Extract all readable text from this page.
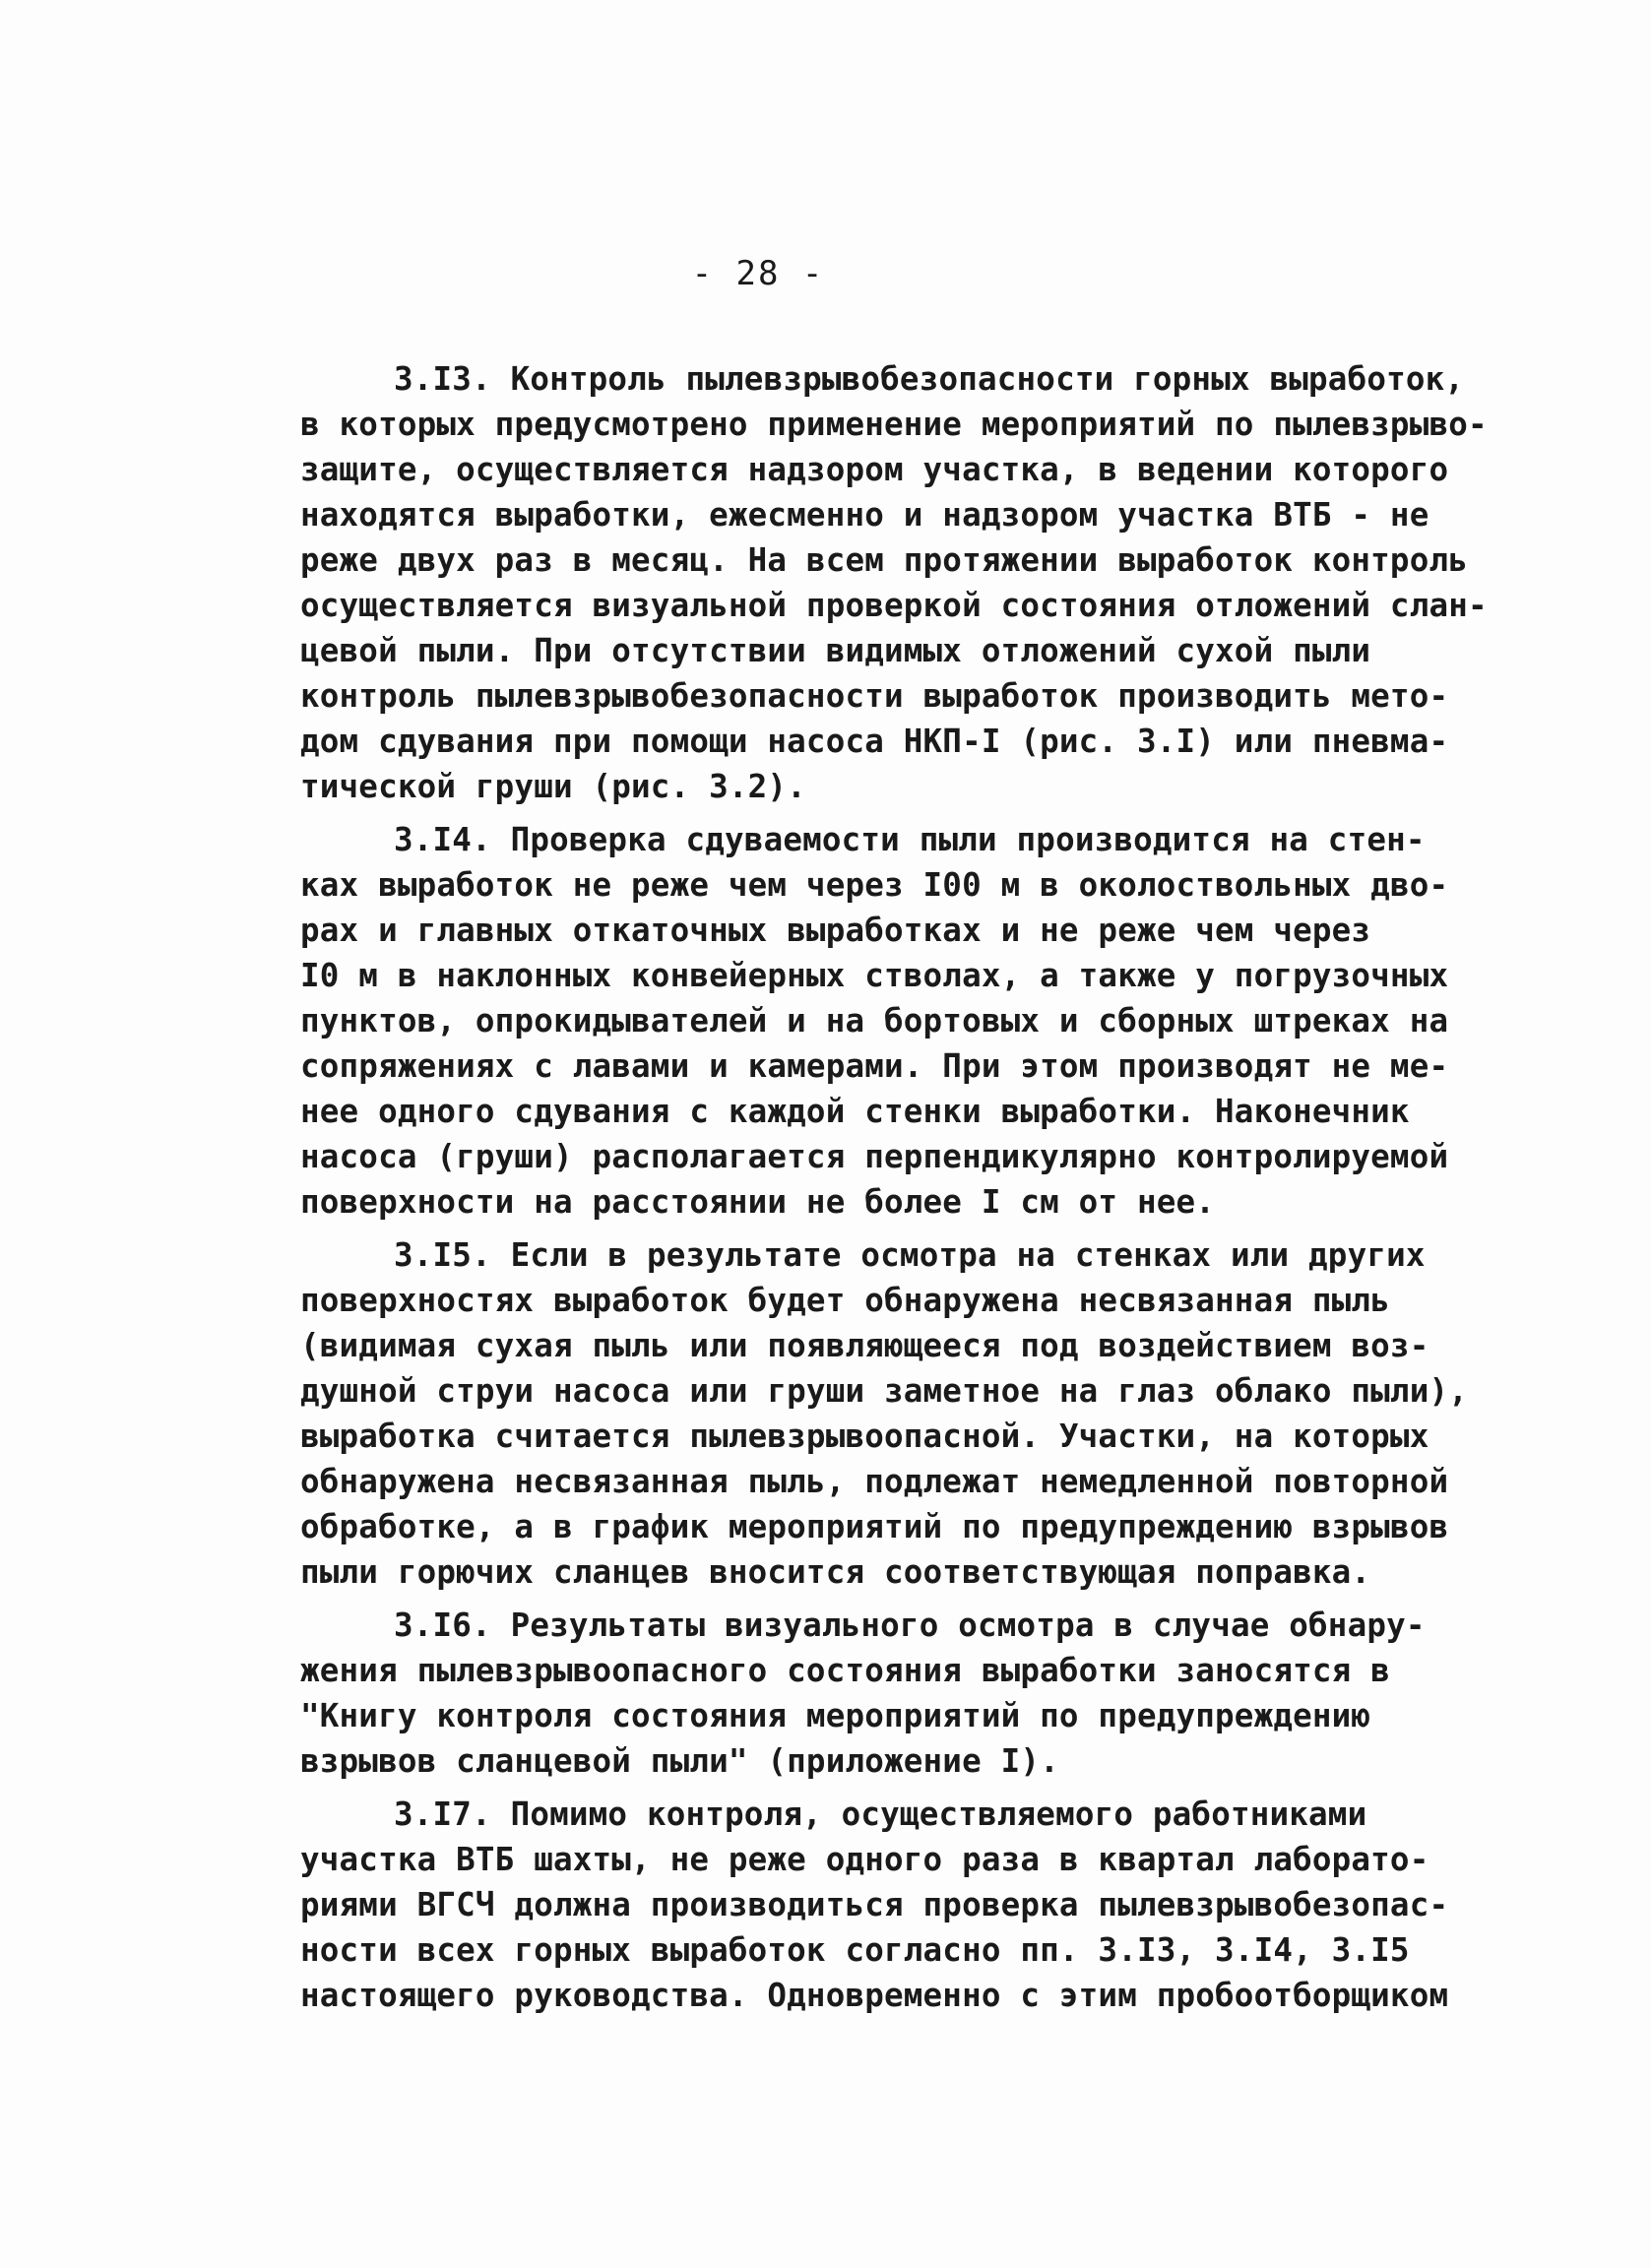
- 28 -
3.I3. Контроль пылевзрывобезопасности горных выработок,
в которых предусмотрено применение мероприятий по пылевзрыво-
защите, осуществляется надзором участка, в ведении которого
находятся выработки, ежесменно и надзором участка ВТБ - не
реже двух раз в месяц. На всем протяжении выработок контроль
осуществляется визуальной проверкой состояния отложений слан-
цевой пыли. При отсутствии видимых отложений сухой пыли
контроль пылевзрывобезопасности выработок производить мето-
дом сдувания при помощи насоса НКП-I (рис. 3.I) или пневма-
тической груши (рис. 3.2).
3.I4. Проверка сдуваемости пыли производится на стен-
ках выработок не реже чем через I00 м в околоствольных дво-
рах и главных откаточных выработках и не реже чем через
I0 м в наклонных конвейерных стволах, а также у погрузочных
пунктов, опрокидывателей и на бортовых и сборных штреках на
сопряжениях с лавами и камерами. При этом производят не ме-
нее одного сдувания с каждой стенки выработки. Наконечник
насоса (груши) располагается перпендикулярно контролируемой
поверхности на расстоянии не более I см от нее.
3.I5. Если в результате осмотра на стенках или других
поверхностях выработок будет обнаружена несвязанная пыль
(видимая сухая пыль или появляющееся под воздействием воз-
душной струи насоса или груши заметное на глаз облако пыли),
выработка считается пылевзрывоопасной. Участки, на которых
обнаружена несвязанная пыль, подлежат немедленной повторной
обработке, а в график мероприятий по предупреждению взрывов
пыли горючих сланцев вносится соответствующая поправка.
3.I6. Результаты визуального осмотра в случае обнару-
жения пылевзрывоопасного состояния выработки заносятся в
"Книгу контроля состояния мероприятий по предупреждению
взрывов сланцевой пыли" (приложение I).
3.I7. Помимо контроля, осуществляемого работниками
участка ВТБ шахты, не реже одного раза в квартал лаборато-
риями ВГСЧ должна производиться проверка пылевзрывобезопас-
ности всех горных выработок согласно пп. 3.I3, 3.I4, 3.I5
настоящего руководства. Одновременно с этим пробоотборщиком
